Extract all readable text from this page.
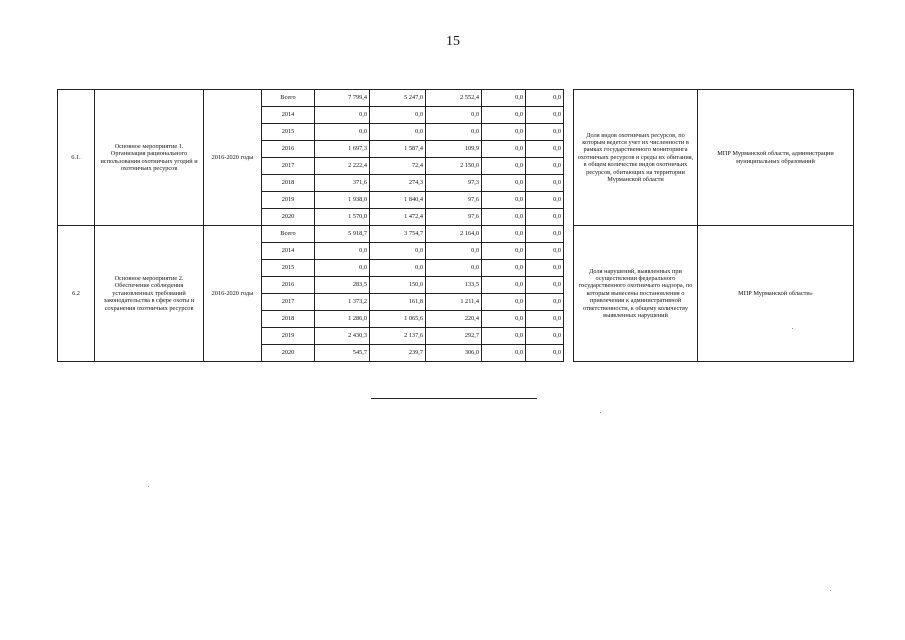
15
6.1.	Основное мероприятие 1. Организация рационального использования охотничьих угодий и охотничьих ресурсов	2016-2020 годы	Всего	7 799,4	5 247,0	2 552,4	0,0	0,0		Доля видов охотничьих ресурсов, по которым ведется учет их численности в рамках государственного мониторинга охотничьих ресурсов и среды их обитания, в общем количестве видов охотничьих ресурсов, обитающих на территории Мурманской области	МПР Мурманской области, администрации муниципальных образований
			2014	0,0	0,0	0,0	0,0	0,0			
			2015	0,0	0,0	0,0	0,0	0,0			
			2016	1 697,3	1 587,4	109,9	0,0	0,0			
			2017	2 222,4	72,4	2 150,0	0,0	0,0			
			2018	371,6	274,3	97,3	0,0	0,0			
			2019	1 938,0	1 840,4	97,6	0,0	0,0			
			2020	1 570,0	1 472,4	97,6	0,0	0,0			
6.2	Основное мероприятие 2. Обеспечение соблюдения установленных требований законодательства в сфере охоты и сохранения охотничьих ресурсов	2016-2020 годы	Всего	5 918,7	3 754,7	2 164,0	0,0	0,0		Доля нарушений, выявленных при осуществлении федерального государственного охотничьего надзора, по которым вынесены постановления о привлечении к административной ответственности, к общему количеству выявленных нарушений	МПР Мурманской области»
			2014	0,0	0,0	0,0	0,0	0,0			
			2015	0,0	0,0	0,0	0,0	0,0			
			2016	283,5	150,0	133,5	0,0	0,0			
			2017	1 373,2	161,8	1 211,4	0,0	0,0			
			2018	1 286,0	1 065,6	220,4	0,0	0,0			
			2019	2 430,3	2 137,6	292,7	0,0	0,0			
			2020	545,7	239,7	306,0	0,0	0,0			
